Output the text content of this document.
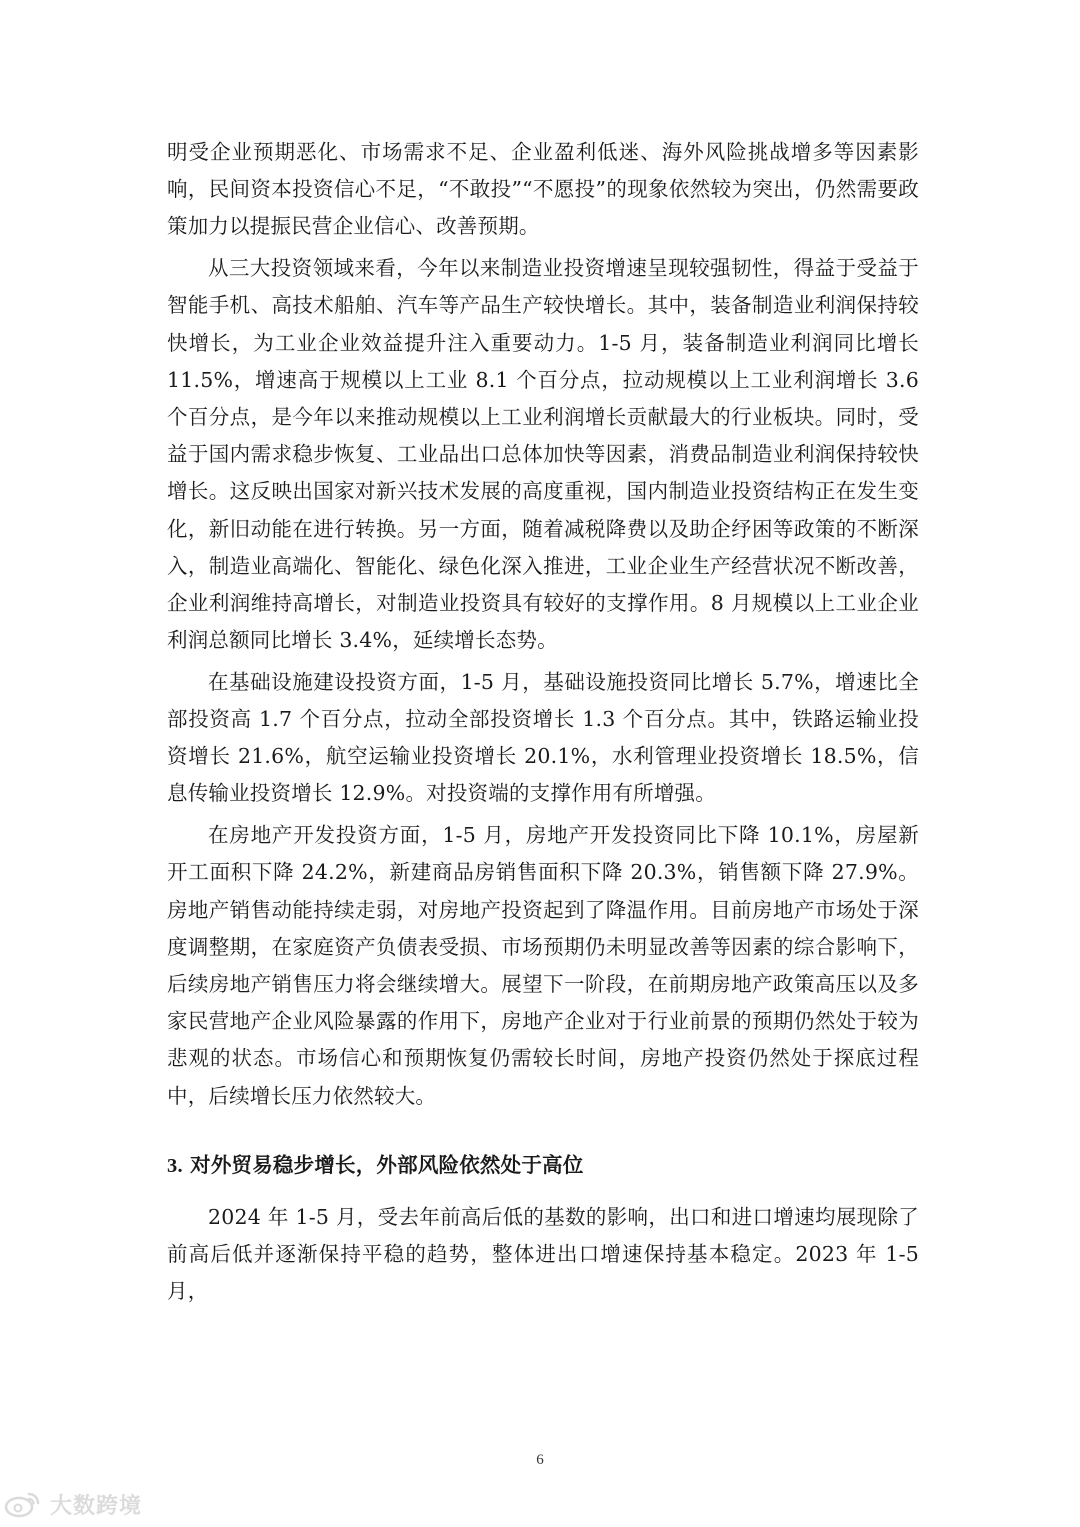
明受企业预期恶化、市场需求不足、企业盈利低迷、海外风险挑战增多等因素影响，民间资本投资信心不足，“不敢投”“不愿投”的现象依然较为突出，仍然需要政策加力以提振民营企业信心、改善预期。

从三大投资领域来看，今年以来制造业投资增速呈现较强韧性，得益于受益于智能手机、高技术船舶、汽车等产品生产较快增长。其中，装备制造业利润保持较快增长，为工业企业效益提升注入重要动力。1-5 月，装备制造业利润同比增长 11.5%，增速高于规模以上工业 8.1 个百分点，拉动规模以上工业利润增长 3.6 个百分点，是今年以来推动规模以上工业利润增长贡献最大的行业板块。同时，受益于国内需求稳步恢复、工业品出口总体加快等因素，消费品制造业利润保持较快增长。这反映出国家对新兴技术发展的高度重视，国内制造业投资结构正在发生变化，新旧动能在进行转换。另一方面，随着减税降费以及助企纾困等政策的不断深入，制造业高端化、智能化、绿色化深入推进，工业企业生产经营状况不断改善，企业利润维持高增长，对制造业投资具有较好的支撑作用。8 月规模以上工业企业利润总额同比增长 3.4%，延续增长态势。

在基础设施建设投资方面，1-5 月，基础设施投资同比增长 5.7%，增速比全部投资高 1.7 个百分点，拉动全部投资增长 1.3 个百分点。其中，铁路运输业投资增长 21.6%，航空运输业投资增长 20.1%，水利管理业投资增长 18.5%，信息传输业投资增长 12.9%。对投资端的支撑作用有所增强。

在房地产开发投资方面，1-5 月，房地产开发投资同比下降 10.1%，房屋新开工面积下降 24.2%，新建商品房销售面积下降 20.3%，销售额下降 27.9%。房地产销售动能持续走弱，对房地产投资起到了降温作用。目前房地产市场处于深度调整期，在家庭资产负债表受损、市场预期仍未明显改善等因素的综合影响下，后续房地产销售压力将会继续增大。展望下一阶段，在前期房地产政策高压以及多家民营地产企业风险暴露的作用下，房地产企业对于行业前景的预期仍然处于较为悲观的状态。市场信心和预期恢复仍需较长时间，房地产投资仍然处于探底过程中，后续增长压力依然较大。

3. 对外贸易稳步增长，外部风险依然处于高位

2024 年 1-5 月，受去年前高后低的基数的影响，出口和进口增速均展现除了前高后低并逐渐保持平稳的趋势，整体进出口增速保持基本稳定。2023 年 1-5 月，

6
大数跨境
